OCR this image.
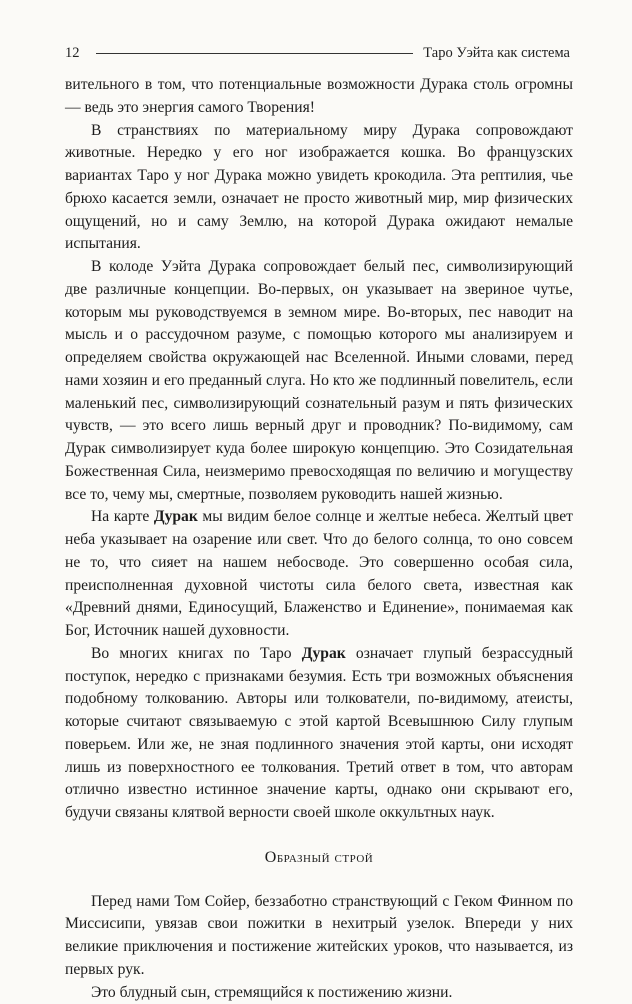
12	Таро Уэйта как система

вительного в том, что потенциальные возможности Дурака столь огромны — ведь это энергия самого Творения!

В странствиях по материальному миру Дурака сопровождают животные. Нередко у его ног изображается кошка. Во французских вариантах Таро у ног Дурака можно увидеть крокодила. Эта рептилия, чье брюхо касается земли, означает не просто животный мир, мир физических ощущений, но и саму Землю, на которой Дурака ожидают немалые испытания.

В колоде Уэйта Дурака сопровождает белый пес, символизирующий две различные концепции. Во-первых, он указывает на звериное чутье, которым мы руководствуемся в земном мире. Во-вторых, пес наводит на мысль и о рассудочном разуме, с помощью которого мы анализируем и определяем свойства окружающей нас Вселенной. Иными словами, перед нами хозяин и его преданный слуга. Но кто же подлинный повелитель, если маленький пес, символизирующий сознательный разум и пять физических чувств, — это всего лишь верный друг и проводник? По-видимому, сам Дурак символизирует куда более широкую концепцию. Это Созидательная Божественная Сила, неизмеримо превосходящая по величию и могуществу все то, чему мы, смертные, позволяем руководить нашей жизнью.

На карте Дурак мы видим белое солнце и желтые небеса. Желтый цвет неба указывает на озарение или свет. Что до белого солнца, то оно совсем не то, что сияет на нашем небосводе. Это совершенно особая сила, преисполненная духовной чистоты сила белого света, известная как «Древний днями, Единосущий, Блаженство и Единение», понимаемая как Бог, Источник нашей духовности.

Во многих книгах по Таро Дурак означает глупый безрассудный поступок, нередко с признаками безумия. Есть три возможных объяснения подобному толкованию. Авторы или толкователи, по-видимому, атеисты, которые считают связываемую с этой картой Всевышнюю Силу глупым поверьем. Или же, не зная подлинного значения этой карты, они исходят лишь из поверхностного ее толкования. Третий ответ в том, что авторам отлично известно истинное значение карты, однако они скрывают его, будучи связаны клятвой верности своей школе оккультных наук.

Образный строй

Перед нами Том Сойер, беззаботно странствующий с Геком Финном по Миссисипи, увязав свои пожитки в нехитрый узелок. Впереди у них великие приключения и постижение житейских уроков, что называется, из первых рук.

Это блудный сын, стремящийся к постижению жизни.
